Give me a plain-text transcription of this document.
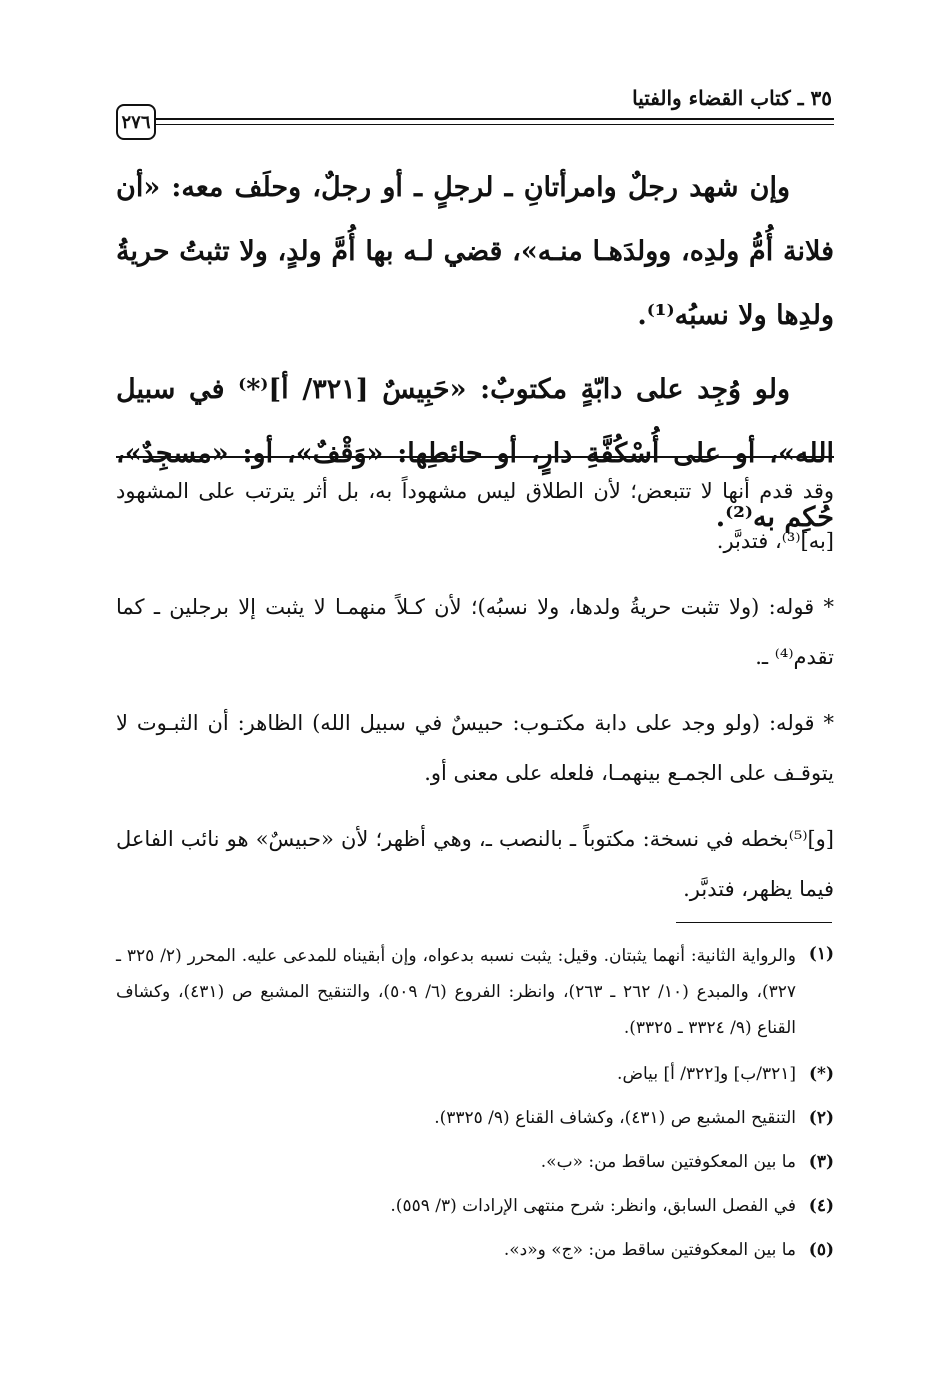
٣٥ ـ كتاب القضاء والفتيا
٢٧٦

وإن شهد رجلٌ وامرأتانِ ـ لرجلٍ ـ أو رجلٌ، وحلَف معه: «أن فلانة أُمُّ ولدِه، وولدَهـا منـه»، قضي لـه بها أُمَّ ولدٍ، ولا تثبتُ حريةُ ولدِها ولا نسبُه⁽¹⁾.

ولو وُجِد على دابّةٍ مكتوبٌ: «حَبِيسٌ [٣٢١/ أ]⁽*⁾ في سبيل الله»، أو على أُسْكُفَّةِ دارٍ، أو حائطِها: «وَقْفٌ»، أو: «مسجِدٌ»، حُكِم به⁽²⁾.

وقد قدم أنها لا تتبعض؛ لأن الطلاق ليس مشهوداً به، بل أثر يترتب على المشهود [به]⁽³⁾، فتدبَّر.

* قوله: (ولا تثبت حريةُ ولدها، ولا نسبُه)؛ لأن كـلاً منهمـا لا يثبت إلا برجلين ـ كما تقدم⁽⁴⁾ ـ.

* قوله: (ولو وجد على دابة مكتـوب: حبيسٌ في سبيل الله) الظاهر: أن الثبـوت لا يتوقـف على الجمـع بينهمـا، فلعله على معنى أو.

[و]⁽⁵⁾بخطه في نسخة: مكتوباً ـ بالنصب ـ، وهي أظهر؛ لأن «حبيسٌ» هو نائب الفاعل فيما يظهر، فتدبَّر.

(١)
والرواية الثانية: أنهما يثبتان. وقيل: يثبت نسبه بدعواه، وإن أبقيناه للمدعى عليه. المحرر (٢/ ٣٢٥ ـ ٣٢٧)، والمبدع (١٠/ ٢٦٢ ـ ٢٦٣)، وانظر: الفروع (٦/ ٥٠٩)، والتنقيح المشبع ص (٤٣١)، وكشاف القناع (٩/ ٣٣٢٤ ـ ٣٣٢٥).
(*)
[٣٢١/ب] و[٣٢٢/ أ] بياض.
(٢)
التنقيح المشبع ص (٤٣١)، وكشاف القناع (٩/ ٣٣٢٥).
(٣)
ما بين المعكوفتين ساقط من: «ب».
(٤)
في الفصل السابق، وانظر: شرح منتهى الإرادات (٣/ ٥٥٩).
(٥)
ما بين المعكوفتين ساقط من: «ج» و«د».
